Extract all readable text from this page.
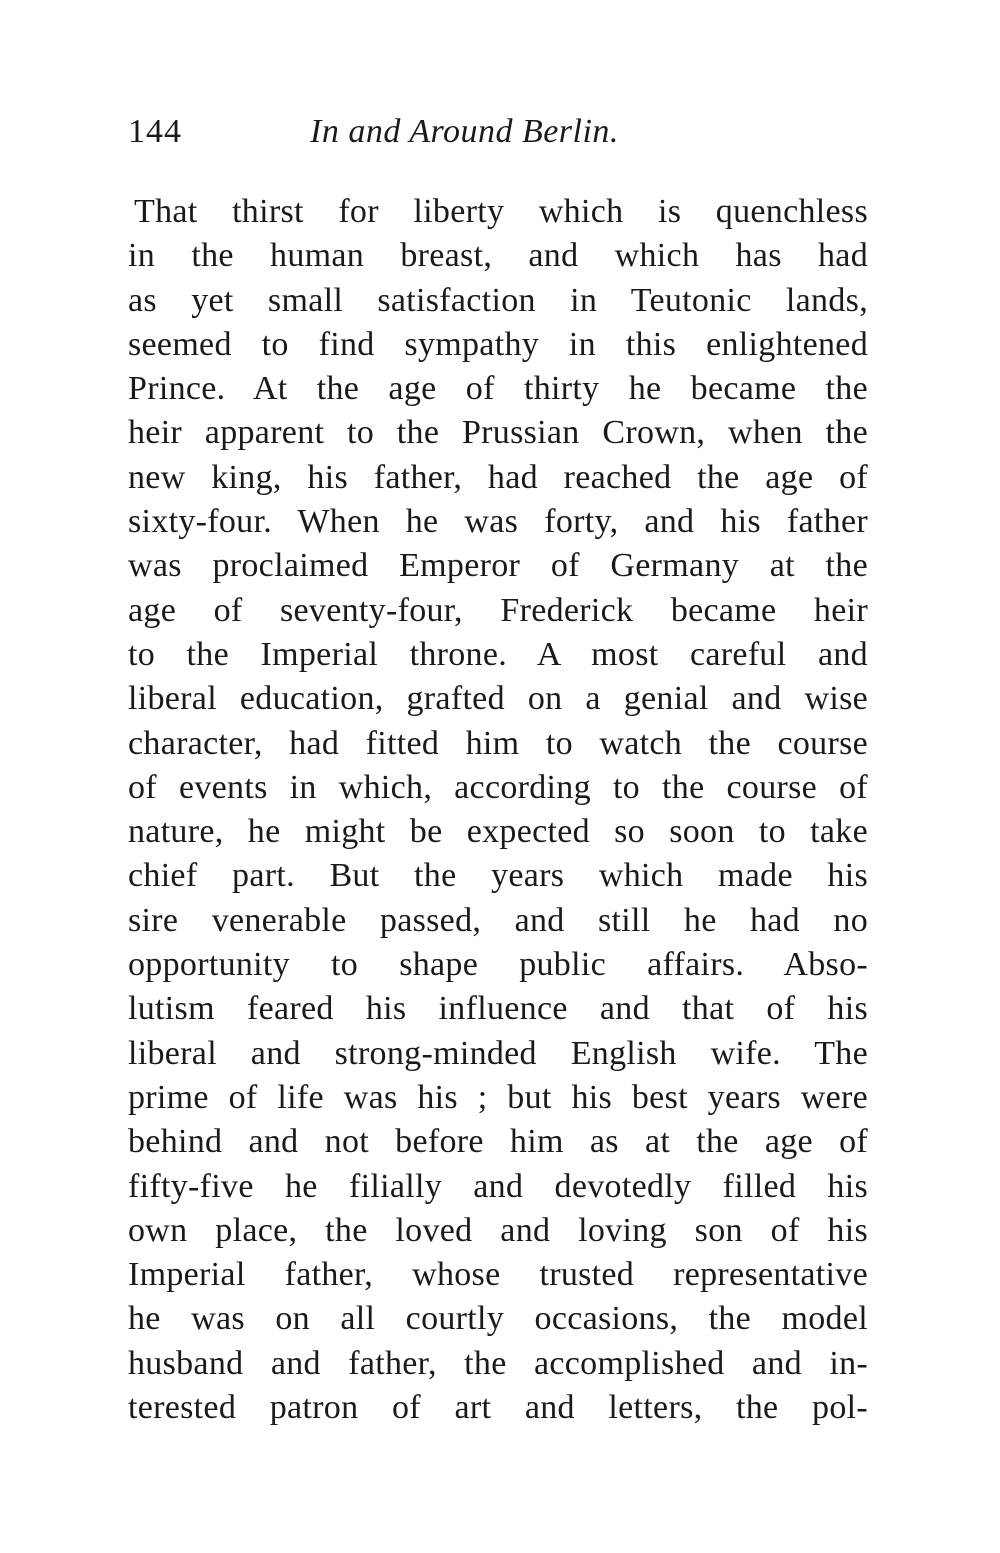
144	In and Around Berlin.
That thirst for liberty which is quenchless
in the human breast, and which has had
as yet small satisfaction in Teutonic lands,
seemed to find sympathy in this enlightened
Prince. At the age of thirty he became the
heir apparent to the Prussian Crown, when the
new king, his father, had reached the age of
sixty-four. When he was forty, and his father
was proclaimed Emperor of Germany at the
age of seventy-four, Frederick became heir
to the Imperial throne. A most careful and
liberal education, grafted on a genial and wise
character, had fitted him to watch the course
of events in which, according to the course of
nature, he might be expected so soon to take
chief part. But the years which made his
sire venerable passed, and still he had no
opportunity to shape public affairs. Abso-
lutism feared his influence and that of his
liberal and strong-minded English wife. The
prime of life was his ; but his best years were
behind and not before him as at the age of
fifty-five he filially and devotedly filled his
own place, the loved and loving son of his
Imperial father, whose trusted representative
he was on all courtly occasions, the model
husband and father, the accomplished and in-
terested patron of art and letters, the pol-
